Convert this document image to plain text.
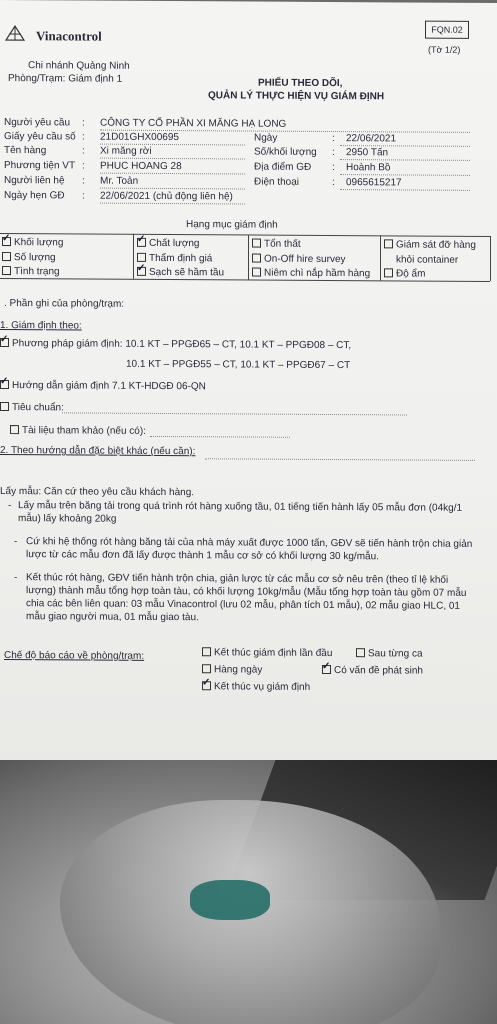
Vinacontrol	FQN.02
(Tờ 1/2)
Chi nhánh Quảng Ninh
Phòng/Trạm: Giám định 1	PHIẾU THEO DÕI,
QUẢN LÝ THỰC HIỆN VỤ GIÁM ĐỊNH
Người yêu cầu : CÔNG TY CỔ PHẦN XI MĂNG HẠ LONG
Giấy yêu cầu số : 21D01GHX00695
Tên hàng	: Xi măng rời
Phương tiện VT : PHUC HOANG 28
Người liên hệ : Mr. Toản
Ngày hẹn GĐ : 22/06/2021 (chủ động liên hệ)
Ngày	: 22/06/2021
Số/khối lượng : 2950 Tấn
Địa điểm GĐ : Hoành Bồ
Điện thoại	: 0965615217
Hạng mục giám định
✓Khối lượng
Số lượng
Tình trạng
✓Chất lượng
Thẩm định giá
✓Sạch sẽ hầm tầu
Tổn thất
On-Off hire survey
Niêm chì nắp hầm hàng
Giám sát đỡ hàng
khỏi container
Độ ẩm
. Phần ghi của phòng/trạm:
1. Giám định theo:
✓Phương pháp giám định: 10.1 KT – PPGĐ65 – CT, 10.1 KT – PPGĐ08 – CT,
10.1 KT – PPGĐ55 – CT, 10.1 KT – PPGĐ67 – CT
✓Hướng dẫn giám định 7.1 KT-HDGĐ 06-QN
Tiêu chuẩn:
Tài liệu tham khảo (nếu có):
2. Theo hướng dẫn đặc biệt khác (nếu cần):
Lấy mẫu: Căn cứ theo yêu cầu khách hàng.
- Lấy mẫu trên băng tải trong quá trình rót hàng xuống tầu, 01 tiếng tiến hành lấy 05 mẫu đơn (04kg/1 mẫu) lấy khoảng 20kg
- Cứ khi hệ thống rót hàng băng tải của nhà máy xuất được 1000 tấn, GĐV sẽ tiến hành trộn chia giản lược từ các mẫu đơn đã lấy được thành 1 mẫu cơ sở có khối lượng 30 kg/mẫu.
- Kết thúc rót hàng, GĐV tiến hành trộn chia, giản lược từ các mẫu cơ sở nêu trên (theo tỉ lệ khối lượng) thành mẫu tổng hợp toàn tàu, có khối lượng 10kg/mẫu (Mẫu tổng hợp toàn tàu gồm 07 mẫu chia các bên liên quan: 03 mẫu Vinacontrol (lưu 02 mẫu, phân tích 01 mẫu), 02 mẫu giao HLC, 01 mẫu giao người mua, 01 mẫu giao tàu.
Chế độ báo cáo về phòng/trạm:	Kết thúc giám định lần đầu	Sau từng ca
Hàng ngày
✓	Có vấn đề phát sinh
✓Kết thúc vụ giám định
